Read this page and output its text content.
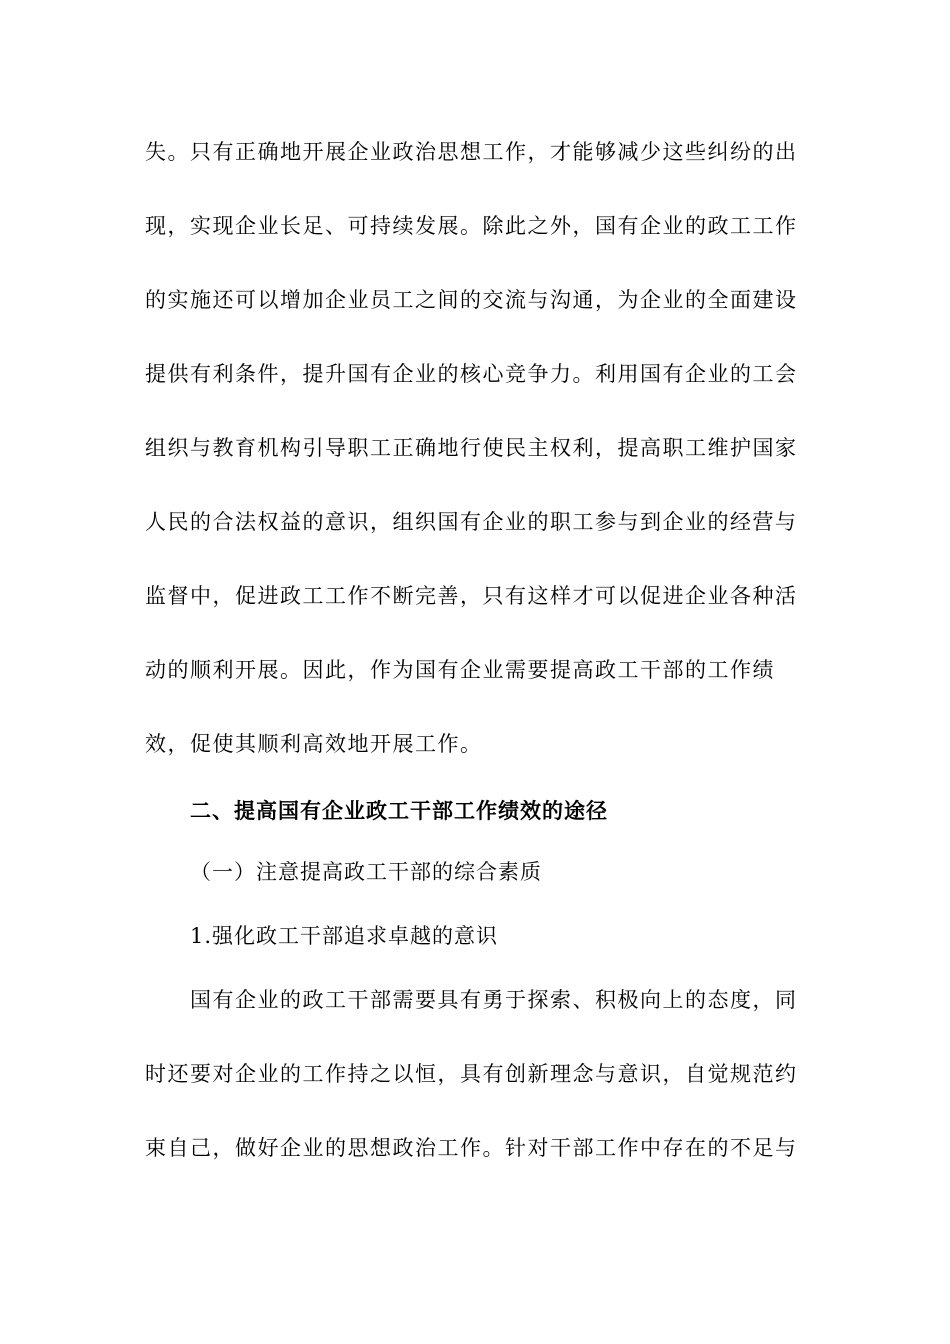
失。只有正确地开展企业政治思想工作，才能够减少这些纠纷的出
现，实现企业长足、可持续发展。除此之外，国有企业的政工工作
的实施还可以增加企业员工之间的交流与沟通，为企业的全面建设
提供有利条件，提升国有企业的核心竞争力。利用国有企业的工会
组织与教育机构引导职工正确地行使民主权利，提高职工维护国家
人民的合法权益的意识，组织国有企业的职工参与到企业的经营与
监督中，促进政工工作不断完善，只有这样才可以促进企业各种活
动的顺利开展。因此，作为国有企业需要提高政工干部的工作绩
效，促使其顺利高效地开展工作。
二、提高国有企业政工干部工作绩效的途径
（一）注意提高政工干部的综合素质
1.强化政工干部追求卓越的意识
国有企业的政工干部需要具有勇于探索、积极向上的态度，同
时还要对企业的工作持之以恒，具有创新理念与意识，自觉规范约
束自己，做好企业的思想政治工作。针对干部工作中存在的不足与
